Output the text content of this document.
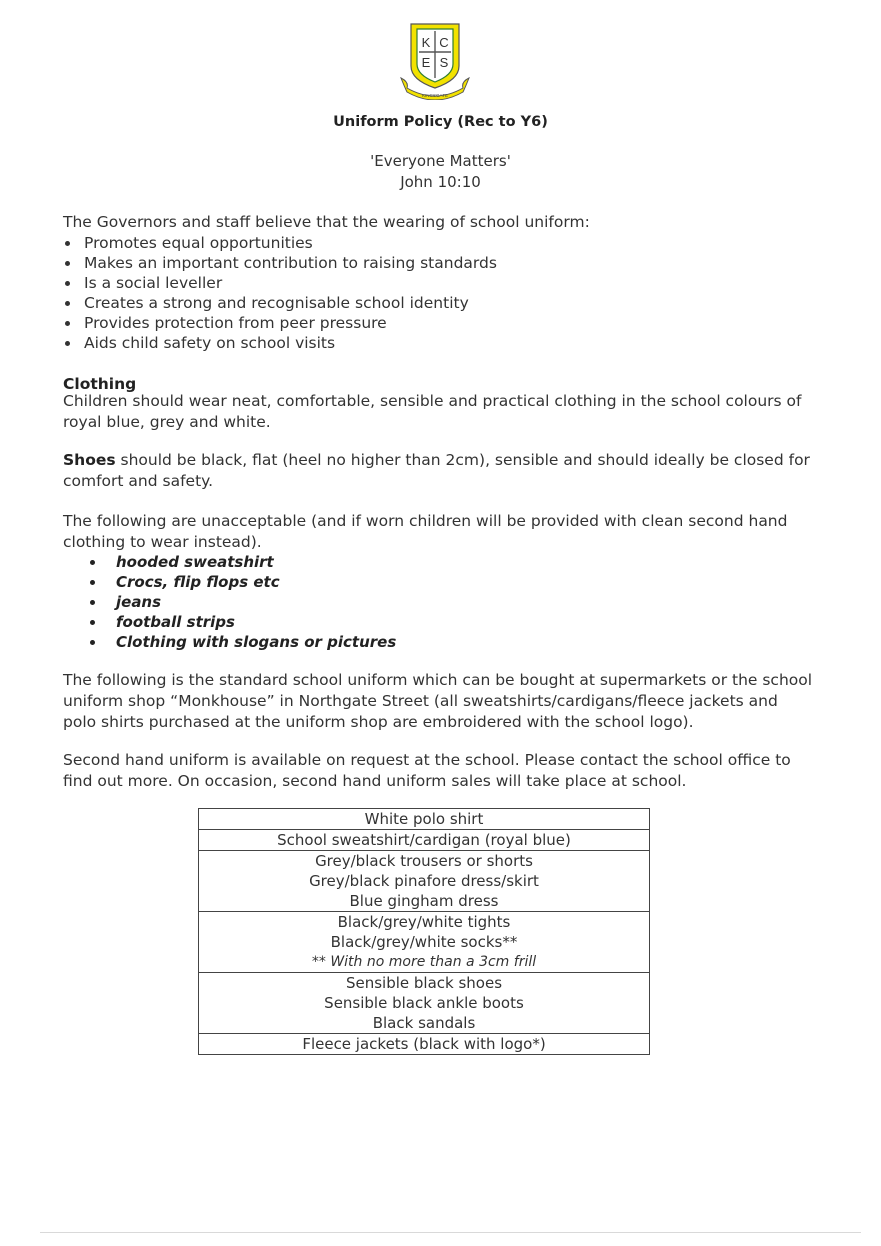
K C
E S
KINGSGATE
Uniform Policy (Rec to Y6)
'Everyone Matters'
John 10:10
The Governors and staff believe that the wearing of school uniform:
Promotes equal opportunities
Makes an important contribution to raising standards
Is a social leveller
Creates a strong and recognisable school identity
Provides protection from peer pressure
Aids child safety on school visits
Clothing
Children should wear neat, comfortable, sensible and practical clothing in the school colours of royal blue, grey and white.
Shoes should be black, flat (heel no higher than 2cm), sensible and should ideally be closed for comfort and safety.
The following are unacceptable (and if worn children will be provided with clean second hand clothing to wear instead).
hooded sweatshirt
Crocs, flip flops etc
jeans
football strips
Clothing with slogans or pictures
The following is the standard school uniform which can be bought at supermarkets or the school uniform shop “Monkhouse” in Northgate Street (all sweatshirts/cardigans/fleece jackets and polo shirts purchased at the uniform shop are embroidered with the school logo).
Second hand uniform is available on request at the school. Please contact the school office to find out more. On occasion, second hand uniform sales will take place at school.
White polo shirt

School sweatshirt/cardigan (royal blue)

Grey/black trousers or shorts
Grey/black pinafore dress/skirt
Blue gingham dress

Black/grey/white tights
Black/grey/white socks**
** With no more than a 3cm frill

Sensible black shoes
Sensible black ankle boots
Black sandals

Fleece jackets (black with logo*)
